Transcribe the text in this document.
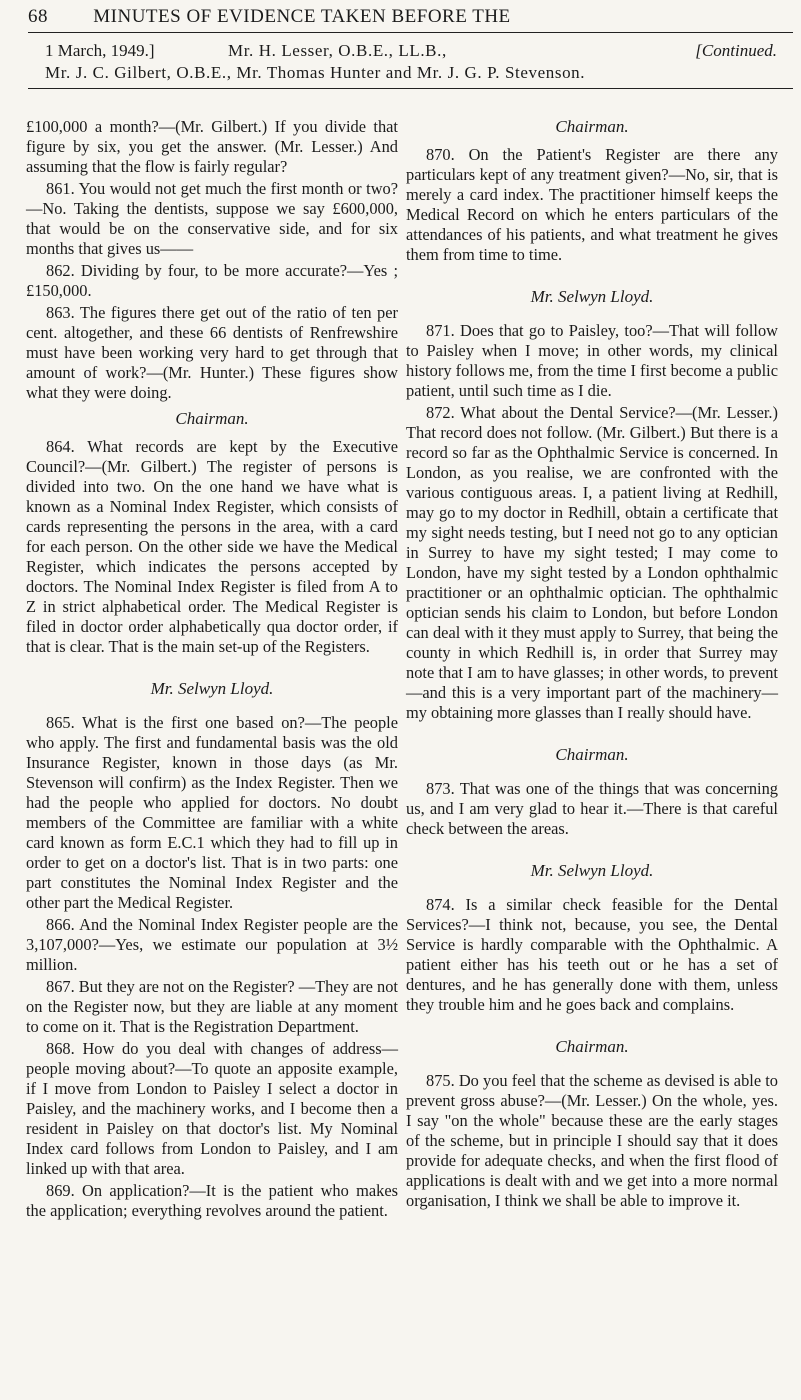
68 MINUTES OF EVIDENCE TAKEN BEFORE THE
1 March, 1949.]	Mr. H. Lesser, O.B.E., LL.B.,	[Continued.
Mr. J. C. Gilbert, O.B.E., Mr. Thomas Hunter and Mr. J. G. P. Stevenson.

£100,000 a month?—(Mr. Gilbert.) If you divide that figure by six, you get the answer. (Mr. Lesser.) And assuming that the flow is fairly regular?

861. You would not get much the first month or two?—No. Taking the dentists, suppose we say £600,000, that would be on the conservative side, and for six months that gives us——

862. Dividing by four, to be more accurate?—Yes ; £150,000.

863. The figures there get out of the ratio of ten per cent. altogether, and these 66 dentists of Renfrewshire must have been working very hard to get through that amount of work?—(Mr. Hunter.) These figures show what they were doing.

Chairman.

864. What records are kept by the Executive Council?—(Mr. Gilbert.) The register of persons is divided into two. On the one hand we have what is known as a Nominal Index Register, which consists of cards representing the persons in the area, with a card for each person. On the other side we have the Medical Register, which indicates the persons accepted by doctors. The Nominal Index Register is filed from A to Z in strict alphabetical order. The Medical Register is filed in doctor order alphabetically qua doctor order, if that is clear. That is the main set-up of the Registers.

Mr. Selwyn Lloyd.

865. What is the first one based on?—The people who apply. The first and fundamental basis was the old Insurance Register, known in those days (as Mr. Stevenson will confirm) as the Index Register. Then we had the people who applied for doctors. No doubt members of the Committee are familiar with a white card known as form E.C.1 which they had to fill up in order to get on a doctor's list. That is in two parts: one part constitutes the Nominal Index Register and the other part the Medical Register.

866. And the Nominal Index Register people are the 3,107,000?—Yes, we estimate our population at 3½ million.

867. But they are not on the Register? —They are not on the Register now, but they are liable at any moment to come on it. That is the Registration Department.

868. How do you deal with changes of address—people moving about?—To quote an apposite example, if I move from London to Paisley I select a doctor in Paisley, and the machinery works, and I become then a resident in Paisley on that doctor's list. My Nominal Index card follows from London to Paisley, and I am linked up with that area.

869. On application?—It is the patient who makes the application; everything revolves around the patient.

Chairman.

870. On the Patient's Register are there any particulars kept of any treatment given?—No, sir, that is merely a card index. The practitioner himself keeps the Medical Record on which he enters particulars of the attendances of his patients, and what treatment he gives them from time to time.

Mr. Selwyn Lloyd.

871. Does that go to Paisley, too?—That will follow to Paisley when I move; in other words, my clinical history follows me, from the time I first become a public patient, until such time as I die.

872. What about the Dental Service?—(Mr. Lesser.) That record does not follow. (Mr. Gilbert.) But there is a record so far as the Ophthalmic Service is concerned. In London, as you realise, we are confronted with the various contiguous areas. I, a patient living at Redhill, may go to my doctor in Redhill, obtain a certificate that my sight needs testing, but I need not go to any optician in Surrey to have my sight tested; I may come to London, have my sight tested by a London ophthalmic practitioner or an ophthalmic optician. The ophthalmic optician sends his claim to London, but before London can deal with it they must apply to Surrey, that being the county in which Redhill is, in order that Surrey may note that I am to have glasses; in other words, to prevent—and this is a very important part of the machinery—my obtaining more glasses than I really should have.

Chairman.

873. That was one of the things that was concerning us, and I am very glad to hear it.—There is that careful check between the areas.

Mr. Selwyn Lloyd.

874. Is a similar check feasible for the Dental Services?—I think not, because, you see, the Dental Service is hardly comparable with the Ophthalmic. A patient either has his teeth out or he has a set of dentures, and he has generally done with them, unless they trouble him and he goes back and complains.

Chairman.

875. Do you feel that the scheme as devised is able to prevent gross abuse?—(Mr. Lesser.) On the whole, yes. I say "on the whole" because these are the early stages of the scheme, but in principle I should say that it does provide for adequate checks, and when the first flood of applications is dealt with and we get into a more normal organisation, I think we shall be able to improve it.
